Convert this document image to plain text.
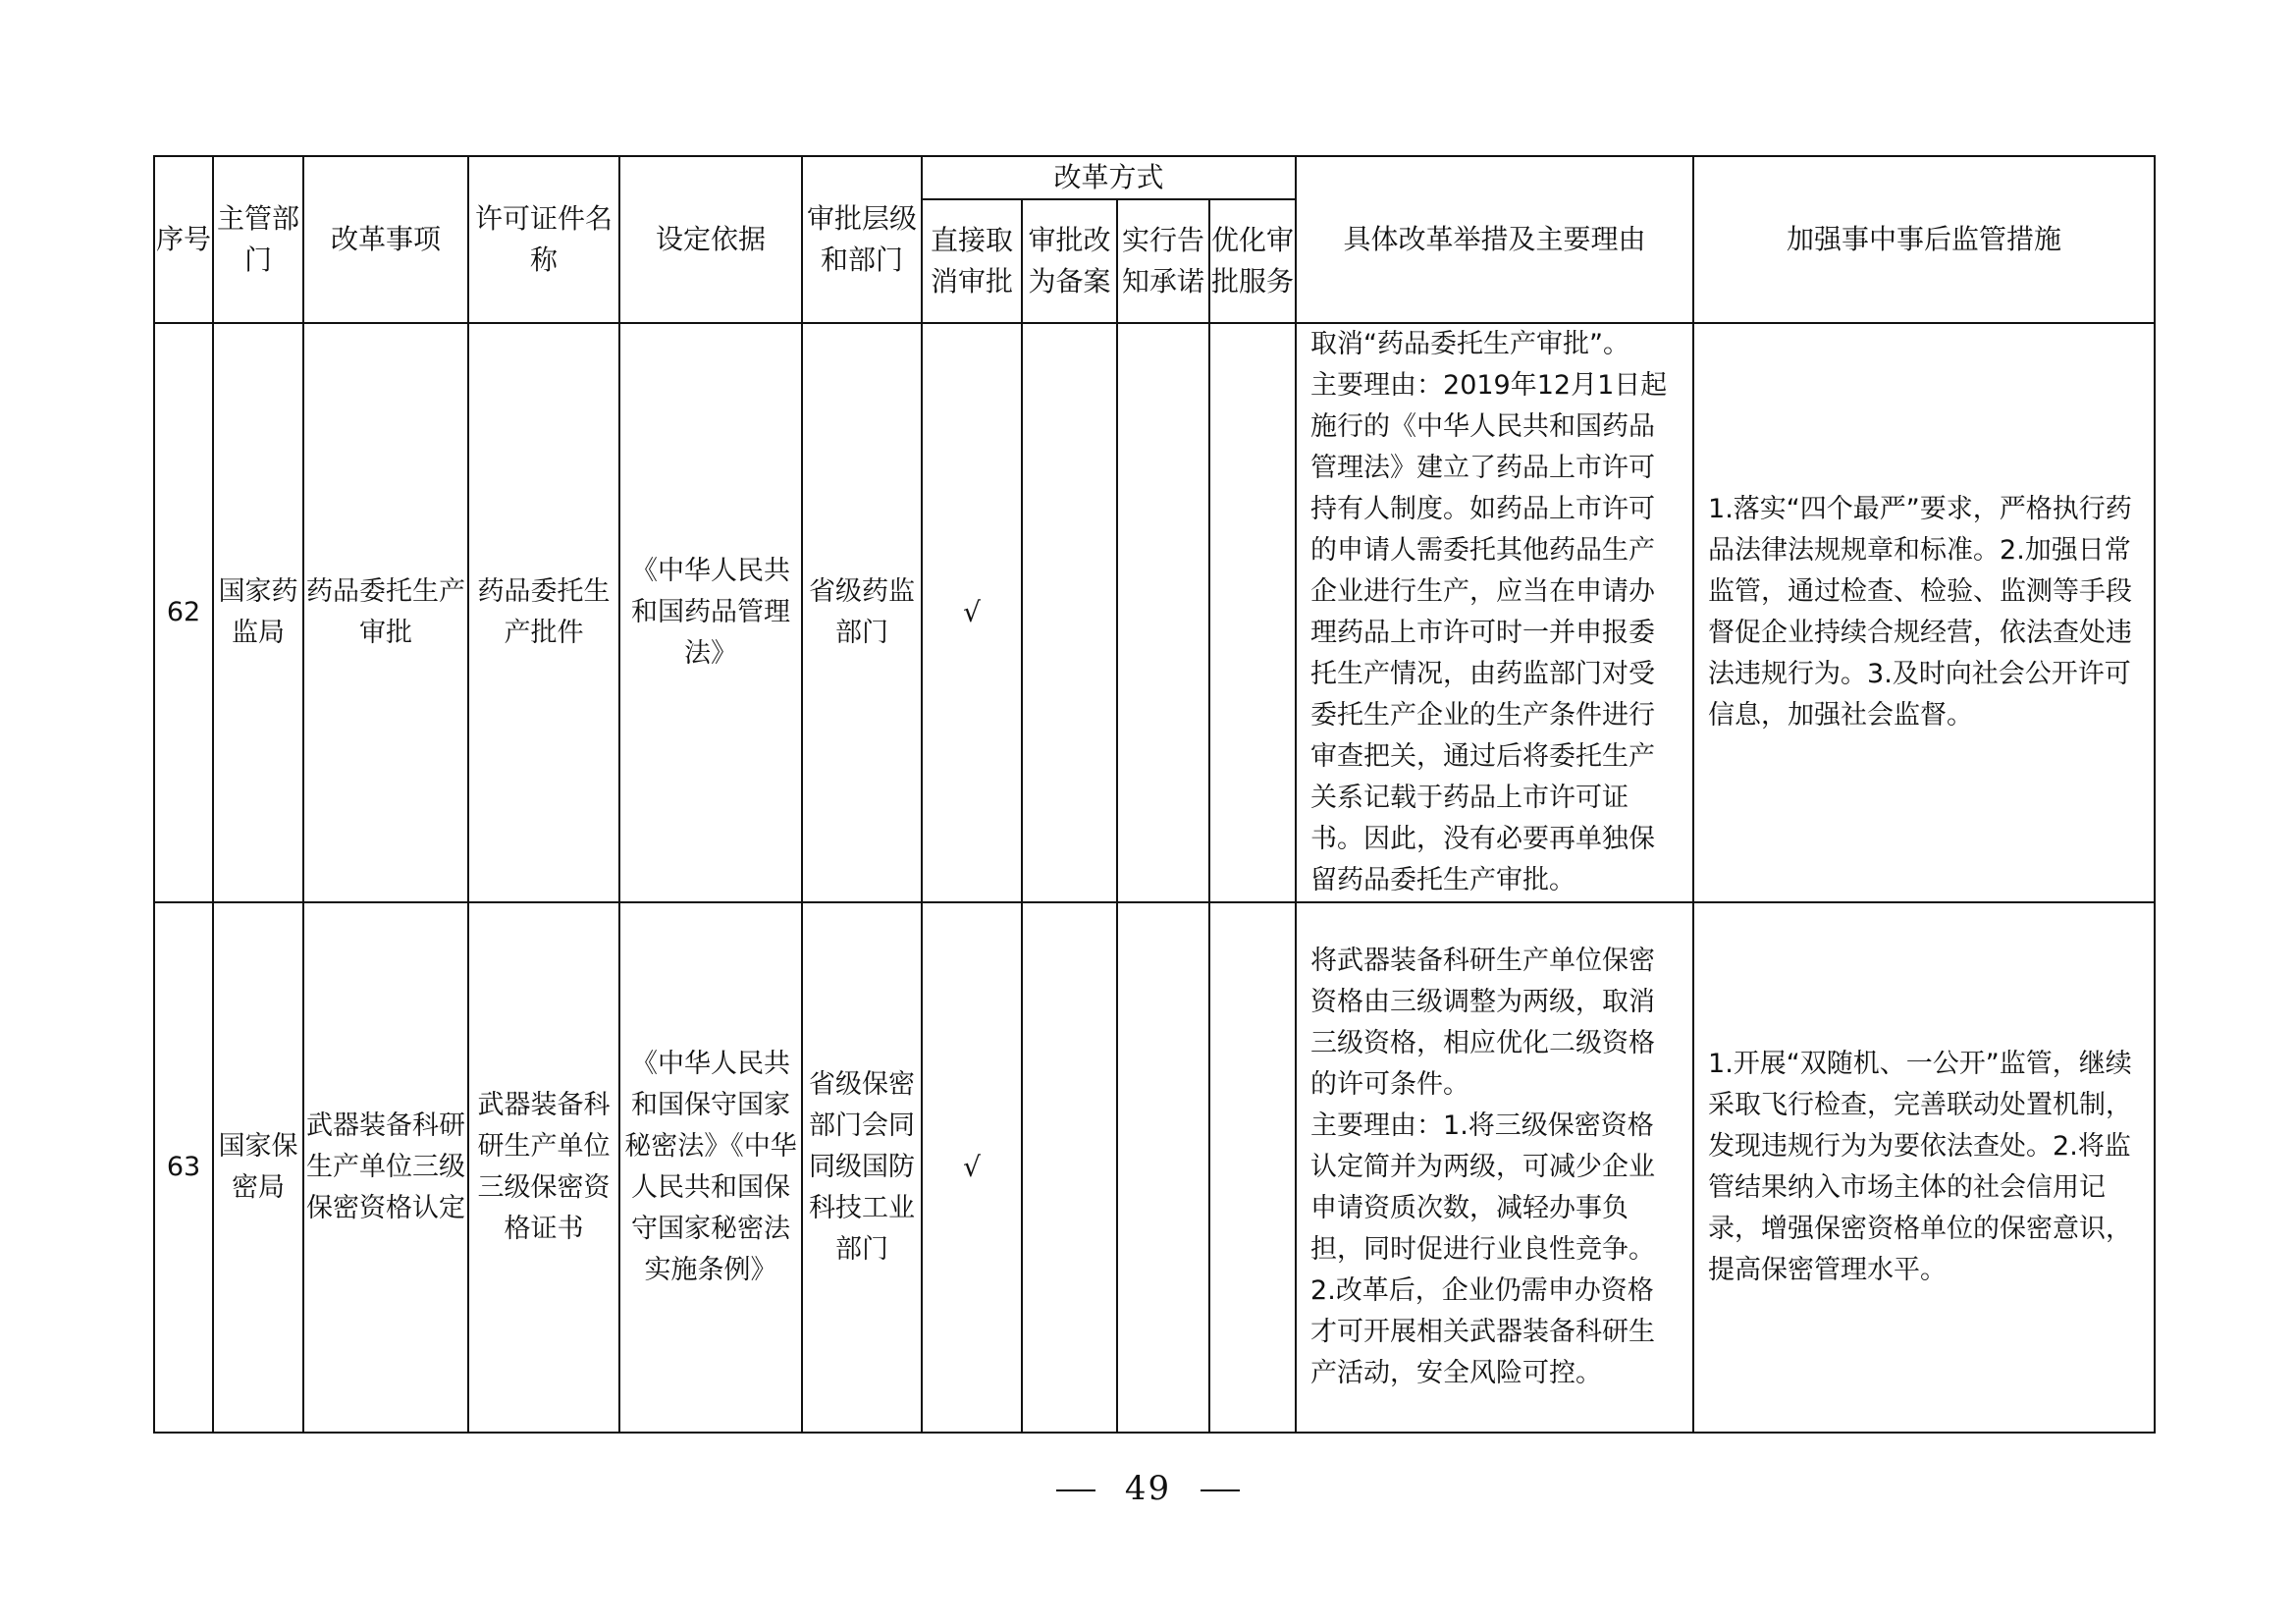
序号	主管部门	改革事项	许可证件名称	设定依据	审批层级和部门	改革方式				具体改革举措及主要理由	加强事中事后监管措施
						直接取消审批	审批改为备案	实行告知承诺	优化审批服务		
62	国家药监局	药品委托生产审批	药品委托生产批件	《中华人民共和国药品管理法》	省级药监部门	√				取消“药品委托生产审批”。
主要理由：2019年12月1日起施行的《中华人民共和国药品管理法》建立了药品上市许可持有人制度。如药品上市许可的申请人需委托其他药品生产企业进行生产，应当在申请办理药品上市许可时一并申报委托生产情况，由药监部门对受委托生产企业的生产条件进行审查把关，通过后将委托生产关系记载于药品上市许可证书。因此，没有必要再单独保留药品委托生产审批。	1.落实“四个最严”要求，严格执行药品法律法规规章和标准。2.加强日常监管，通过检查、检验、监测等手段督促企业持续合规经营，依法查处违法违规行为。3.及时向社会公开许可信息，加强社会监督。
63	国家保密局	武器装备科研生产单位三级保密资格认定	武器装备科研生产单位三级保密资格证书	《中华人民共和国保守国家秘密法》《中华人民共和国保守国家秘密法实施条例》	省级保密部门会同同级国防科技工业部门	√				将武器装备科研生产单位保密资格由三级调整为两级，取消三级资格，相应优化二级资格的许可条件。
主要理由：1.将三级保密资格认定简并为两级，可减少企业申请资质次数，减轻办事负担，同时促进行业良性竞争。2.改革后，企业仍需申办资格才可开展相关武器装备科研生产活动，安全风险可控。	1.开展“双随机、一公开”监管，继续采取飞行检查，完善联动处置机制，发现违规行为为要依法查处。2.将监管结果纳入市场主体的社会信用记录，增强保密资格单位的保密意识，提高保密管理水平。
49
